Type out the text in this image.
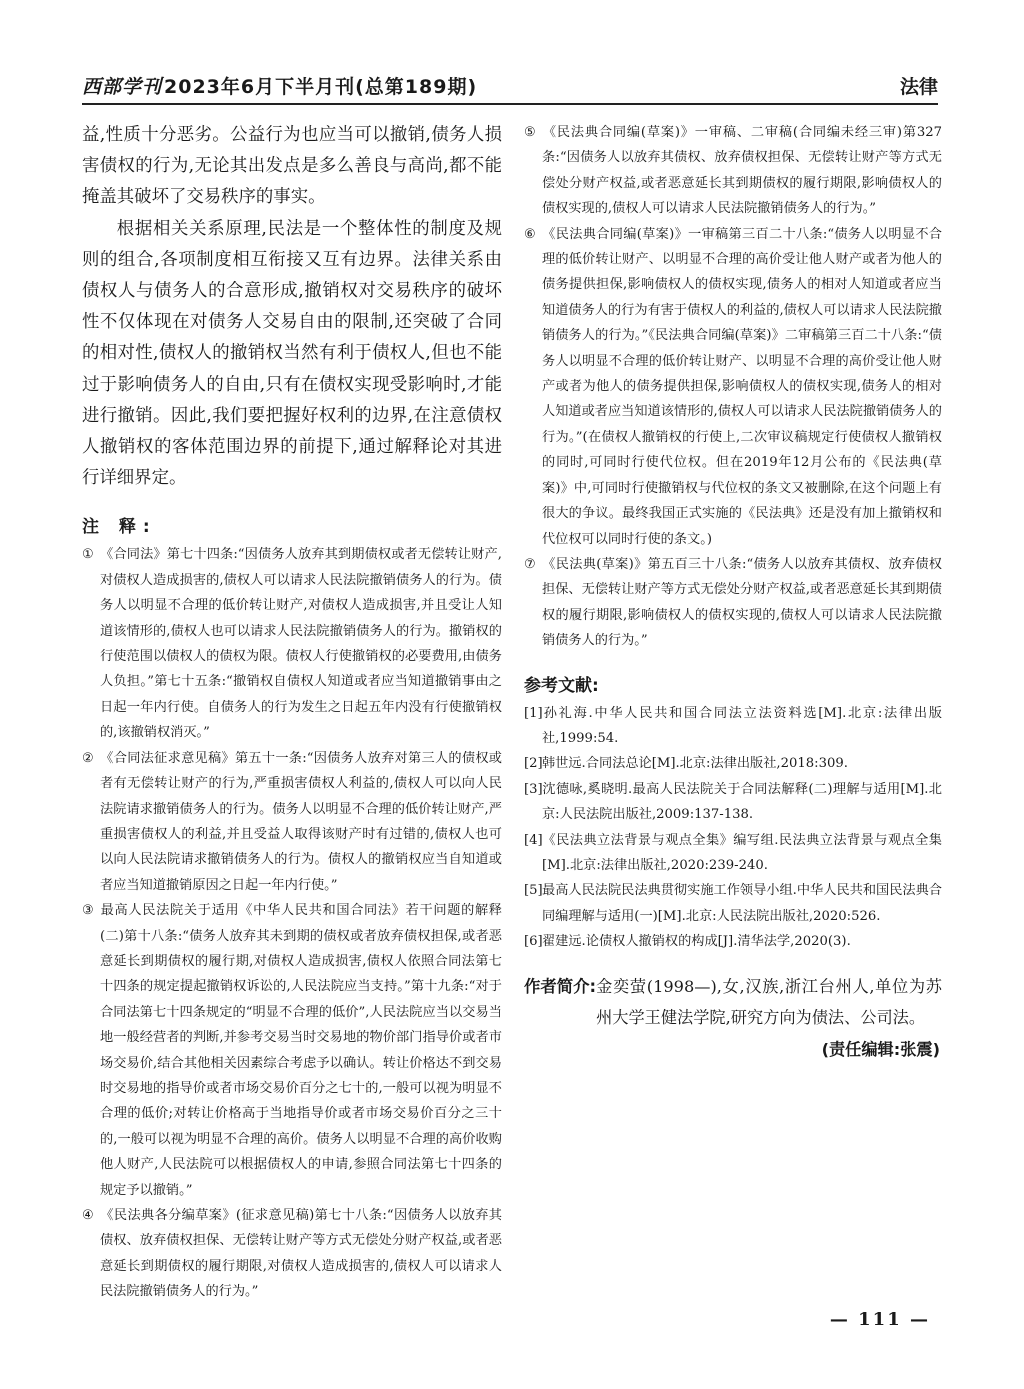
西部学刊 2023年6月下半月刊(总第189期)	法律

益,性质十分恶劣。公益行为也应当可以撤销,债务人损害债权的行为,无论其出发点是多么善良与高尚,都不能掩盖其破坏了交易秩序的事实。

根据相关关系原理,民法是一个整体性的制度及规则的组合,各项制度相互衔接又互有边界。法律关系由债权人与债务人的合意形成,撤销权对交易秩序的破坏性不仅体现在对债务人交易自由的限制,还突破了合同的相对性,债权人的撤销权当然有利于债权人,但也不能过于影响债务人的自由,只有在债权实现受影响时,才能进行撤销。因此,我们要把握好权利的边界,在注意债权人撤销权的客体范围边界的前提下,通过解释论对其进行详细界定。

注 释:

① 《合同法》第七十四条:“因债务人放弃其到期债权或者无偿转让财产,对债权人造成损害的,债权人可以请求人民法院撤销债务人的行为。债务人以明显不合理的低价转让财产,对债权人造成损害,并且受让人知道该情形的,债权人也可以请求人民法院撤销债务人的行为。撤销权的行使范围以债权人的债权为限。债权人行使撤销权的必要费用,由债务人负担。”第七十五条:“撤销权自债权人知道或者应当知道撤销事由之日起一年内行使。自债务人的行为发生之日起五年内没有行使撤销权的,该撤销权消灭。”

② 《合同法征求意见稿》第五十一条:“因债务人放弃对第三人的债权或者有无偿转让财产的行为,严重损害债权人利益的,债权人可以向人民法院请求撤销债务人的行为。债务人以明显不合理的低价转让财产,严重损害债权人的利益,并且受益人取得该财产时有过错的,债权人也可以向人民法院请求撤销债务人的行为。债权人的撤销权应当自知道或者应当知道撤销原因之日起一年内行使。”

③ 最高人民法院关于适用《中华人民共和国合同法》若干问题的解释(二)第十八条:“债务人放弃其未到期的债权或者放弃债权担保,或者恶意延长到期债权的履行期,对债权人造成损害,债权人依照合同法第七十四条的规定提起撤销权诉讼的,人民法院应当支持。”第十九条:“对于合同法第七十四条规定的“明显不合理的低价”,人民法院应当以交易当地一般经营者的判断,并参考交易当时交易地的物价部门指导价或者市场交易价,结合其他相关因素综合考虑予以确认。转让价格达不到交易时交易地的指导价或者市场交易价百分之七十的,一般可以视为明显不合理的低价;对转让价格高于当地指导价或者市场交易价百分之三十的,一般可以视为明显不合理的高价。债务人以明显不合理的高价收购他人财产,人民法院可以根据债权人的申请,参照合同法第七十四条的规定予以撤销。”

④ 《民法典各分编草案》(征求意见稿)第七十八条:“因债务人以放弃其债权、放弃债权担保、无偿转让财产等方式无偿处分财产权益,或者恶意延长到期债权的履行期限,对债权人造成损害的,债权人可以请求人民法院撤销债务人的行为。”

⑤ 《民法典合同编(草案)》一审稿、二审稿(合同编未经三审)第327条:“因债务人以放弃其债权、放弃债权担保、无偿转让财产等方式无偿处分财产权益,或者恶意延长其到期债权的履行期限,影响债权人的债权实现的,债权人可以请求人民法院撤销债务人的行为。”

⑥ 《民法典合同编(草案)》一审稿第三百二十八条:“债务人以明显不合理的低价转让财产、以明显不合理的高价受让他人财产或者为他人的债务提供担保,影响债权人的债权实现,债务人的相对人知道或者应当知道债务人的行为有害于债权人的利益的,债权人可以请求人民法院撤销债务人的行为。”《民法典合同编(草案)》二审稿第三百二十八条:“债务人以明显不合理的低价转让财产、以明显不合理的高价受让他人财产或者为他人的债务提供担保,影响债权人的债权实现,债务人的相对人知道或者应当知道该情形的,债权人可以请求人民法院撤销债务人的行为。”(在债权人撤销权的行使上,二次审议稿规定行使债权人撤销权的同时,可同时行使代位权。但在2019年12月公布的《民法典(草案)》中,可同时行使撤销权与代位权的条文又被删除,在这个问题上有很大的争议。最终我国正式实施的《民法典》还是没有加上撤销权和代位权可以同时行使的条文。)

⑦ 《民法典(草案)》第五百三十八条:“债务人以放弃其债权、放弃债权担保、无偿转让财产等方式无偿处分财产权益,或者恶意延长其到期债权的履行期限,影响债权人的债权实现的,债权人可以请求人民法院撤销债务人的行为。”

参考文献:

[1]孙礼海.中华人民共和国合同法立法资料选[M].北京:法律出版社,1999:54.

[2]韩世远.合同法总论[M].北京:法律出版社,2018:309.

[3]沈德咏,奚晓明.最高人民法院关于合同法解释(二)理解与适用[M].北京:人民法院出版社,2009:137-138.

[4]《民法典立法背景与观点全集》编写组.民法典立法背景与观点全集[M].北京:法律出版社,2020:239-240.

[5]最高人民法院民法典贯彻实施工作领导小组.中华人民共和国民法典合同编理解与适用(一)[M].北京:人民法院出版社,2020:526.

[6]翟建远.论债权人撤销权的构成[J].清华法学,2020(3).

作者简介: 金奕萤(1998—),女,汉族,浙江台州人,单位为苏州大学王健法学院,研究方向为债法、公司法。
(责任编辑:张震)
— 111 —
